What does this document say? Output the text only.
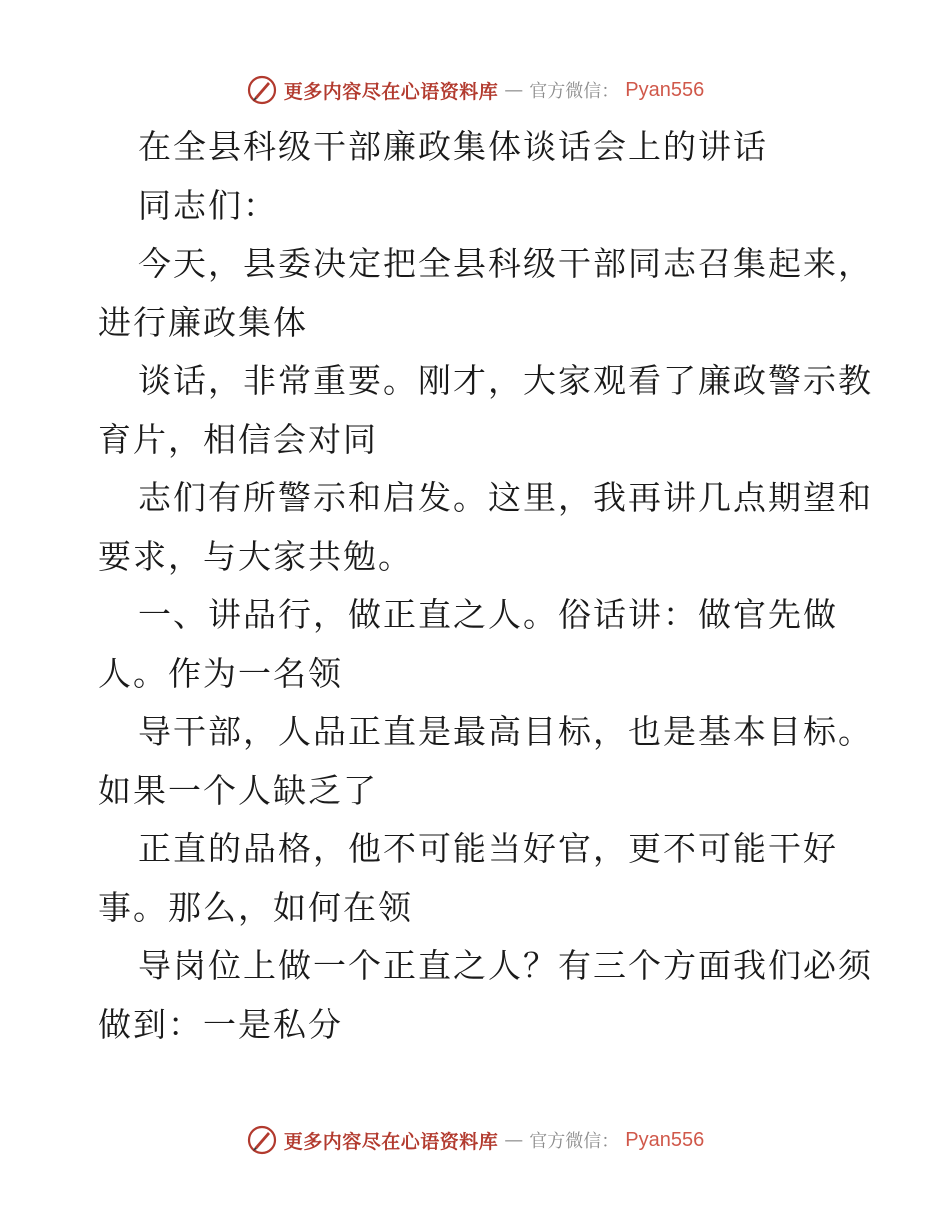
更多内容尽在心语资料库 — 官方微信： Pyan556
在全县科级干部廉政集体谈话会上的讲话
同志们：
今天，县委决定把全县科级干部同志召集起来，
进行廉政集体
谈话，非常重要。刚才，大家观看了廉政警示教
育片，相信会对同
志们有所警示和启发。这里，我再讲几点期望和
要求，与大家共勉。
一、讲品行，做正直之人。俗话讲：做官先做
人。作为一名领
导干部，人品正直是最高目标，也是基本目标。
如果一个人缺乏了
正直的品格，他不可能当好官，更不可能干好
事。那么，如何在领
导岗位上做一个正直之人？有三个方面我们必须
做到：一是私分
更多内容尽在心语资料库 — 官方微信： Pyan556
